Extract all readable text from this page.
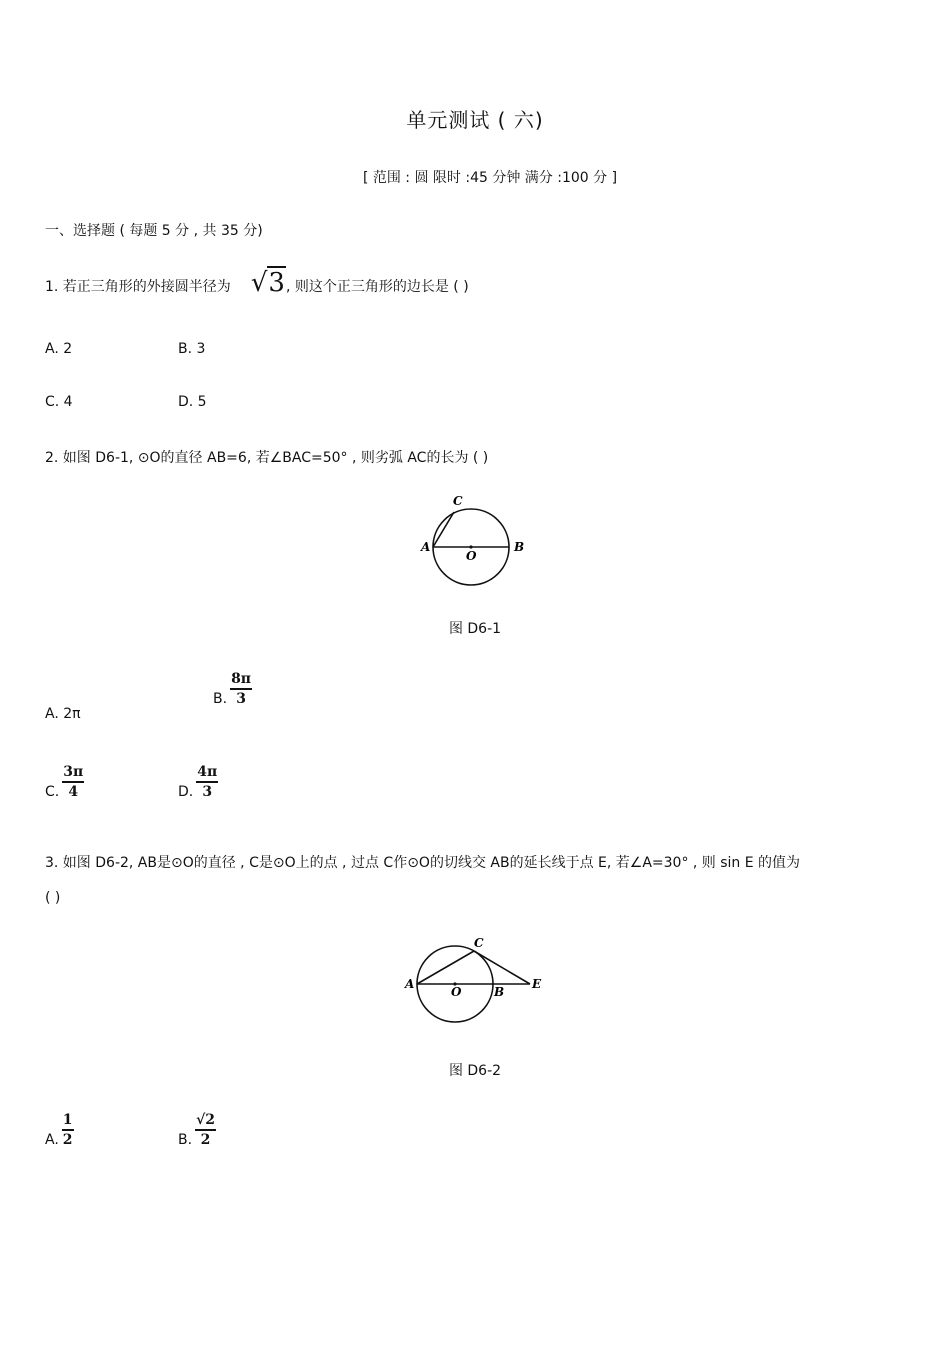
单元测试 ( 六)
[ 范围 : 圆 限时 :45 分钟 满分 :100 分 ]
一、选择题 ( 每题 5 分 , 共 35 分)
1. 若正三角形的外接圆半径为 √3 , 则这个正三角形的边长是 ( )
A. 2	B. 3
C. 4	D. 5
2. 如图 D6-1, ⊙O的直径 AB=6, 若∠BAC=50° , 则劣弧 AC的长为 ( )
A	B
C
O
图 D6-1
A. 2π
B. $\frac{8\pi}{3}$
C. $\frac{3\pi}{4}$	D. $\frac{4\pi}{3}$
3. 如图 D6-2, AB是⊙O的直径 , C是⊙O上的点 , 过点 C作⊙O的切线交 AB的延长线于点 E, 若∠A=30° , 则 sin E 的值为
( )
A
B
C
O
E
图 D6-2
A. $\frac{1}{2}$	B. $\frac{√2}{2}$
